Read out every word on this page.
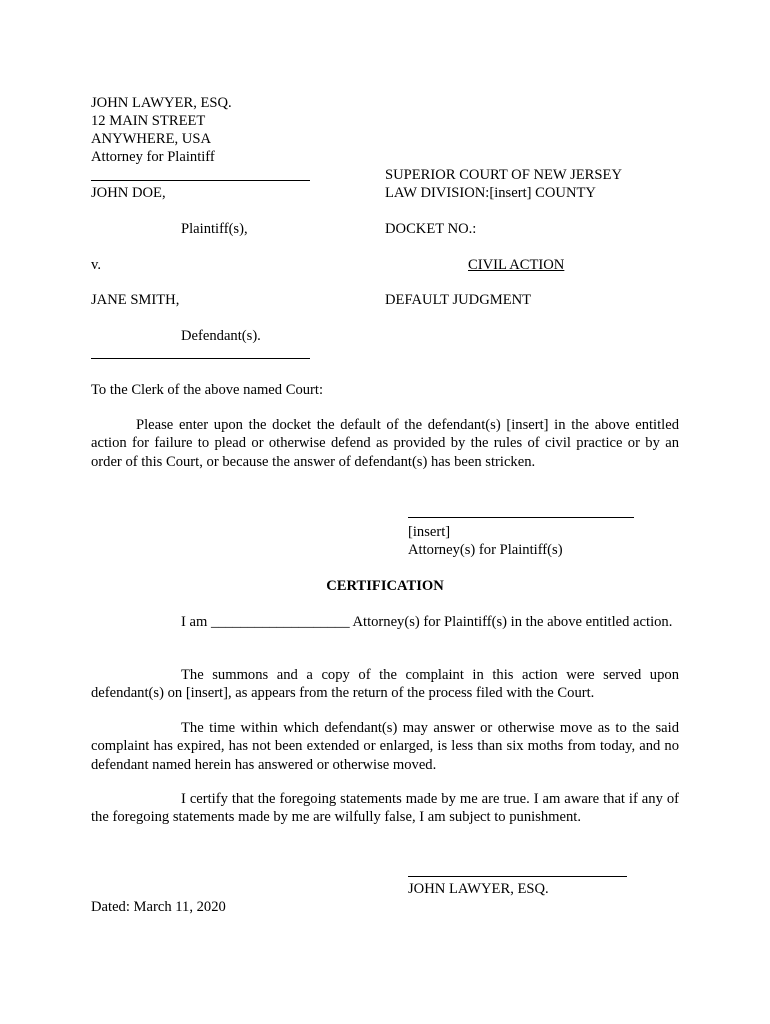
JOHN LAWYER, ESQ.
12 MAIN STREET
ANYWHERE, USA
Attorney for Plaintiff
JOHN DOE,
SUPERIOR COURT OF NEW JERSEY
LAW DIVISION:[insert] COUNTY
Plaintiff(s),	DOCKET NO.:
v.	CIVIL ACTION
JANE SMITH,	DEFAULT JUDGMENT
Defendant(s).
To the Clerk of the above named Court:
Please enter upon the docket the default of the defendant(s) [insert] in the above entitled action for failure to plead or otherwise defend as provided by the rules of civil practice or by an order of this Court, or because the answer of defendant(s) has been stricken.
[insert]
Attorney(s) for Plaintiff(s)
CERTIFICATION
I am ___________________ Attorney(s) for Plaintiff(s) in the above entitled action.
The summons and a copy of the complaint in this action were served upon defendant(s) on [insert], as appears from the return of the process filed with the Court.
The time within which defendant(s) may answer or otherwise move as to the said complaint has expired, has not been extended or enlarged, is less than six moths from today, and no defendant named herein has answered or otherwise moved.
I certify that the foregoing statements made by me are true. I am aware that if any of the foregoing statements made by me are wilfully false, I am subject to punishment.
JOHN LAWYER, ESQ.
Dated: March 11, 2020
